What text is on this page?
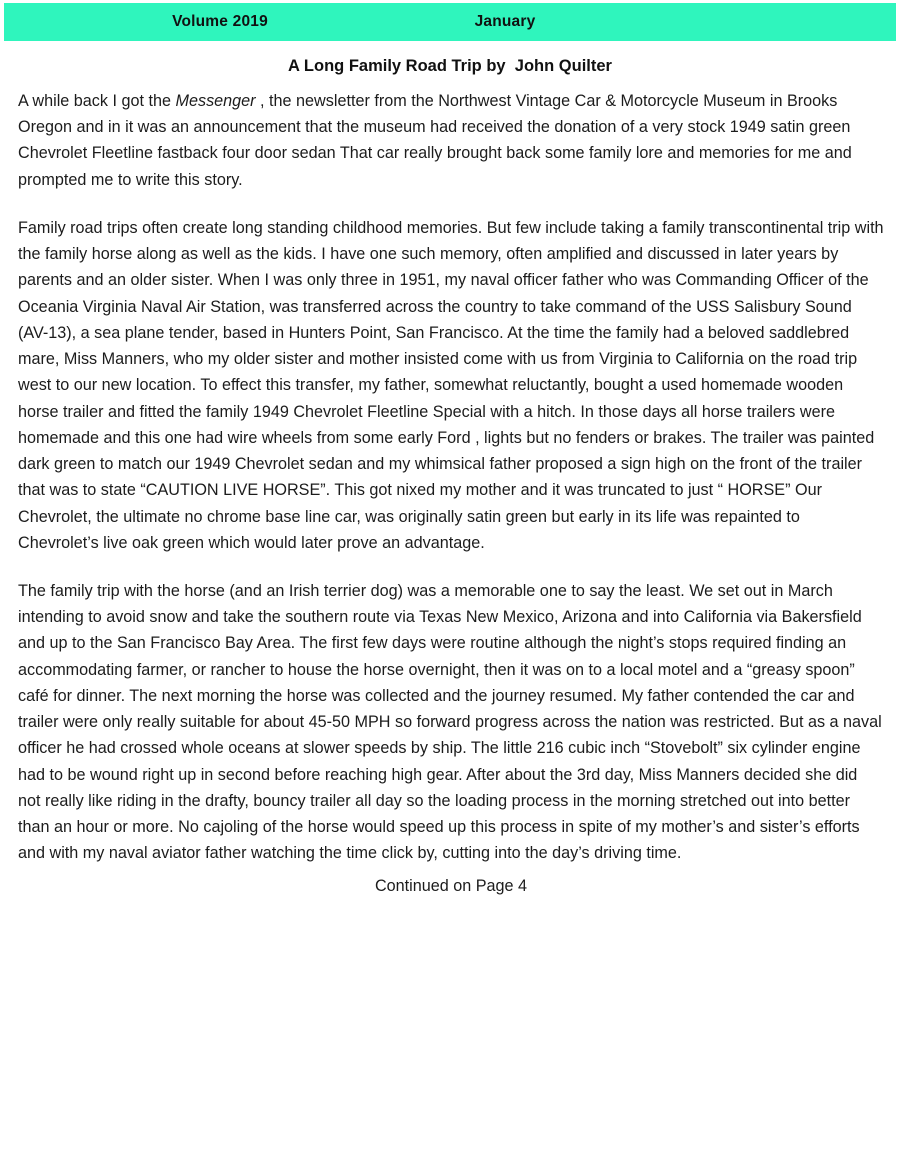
Volume 2019	January
A Long Family Road Trip by John Quilter

A while back I got the Messenger , the newsletter from the Northwest Vintage Car & Motorcycle Museum in Brooks Oregon and in it was an announcement that the museum had received the donation of a very stock 1949 satin green Chevrolet Fleetline fastback four door sedan That car really brought back some family lore and memories for me and prompted me to write this story.

Family road trips often create long standing childhood memories. But few include taking a family transcontinental trip with the family horse along as well as the kids. I have one such memory, often amplified and discussed in later years by parents and an older sister. When I was only three in 1951, my naval officer father who was Commanding Officer of the Oceania Virginia Naval Air Station, was transferred across the country to take command of the USS Salisbury Sound (AV-13), a sea plane tender, based in Hunters Point, San Francisco. At the time the family had a beloved saddlebred mare, Miss Manners, who my older sister and mother insisted come with us from Virginia to California on the road trip west to our new location. To effect this transfer, my father, somewhat reluctantly, bought a used homemade wooden horse trailer and fitted the family 1949 Chevrolet Fleetline Special with a hitch. In those days all horse trailers were homemade and this one had wire wheels from some early Ford , lights but no fenders or brakes. The trailer was painted dark green to match our 1949 Chevrolet sedan and my whimsical father proposed a sign high on the front of the trailer that was to state “CAUTION LIVE HORSE”. This got nixed my mother and it was truncated to just “ HORSE” Our Chevrolet, the ultimate no chrome base line car, was originally satin green but early in its life was repainted to Chevrolet’s live oak green which would later prove an advantage.

The family trip with the horse (and an Irish terrier dog) was a memorable one to say the least. We set out in March intending to avoid snow and take the southern route via Texas New Mexico, Arizona and into California via Bakersfield and up to the San Francisco Bay Area. The first few days were routine although the night’s stops required finding an accommodating farmer, or rancher to house the horse overnight, then it was on to a local motel and a “greasy spoon” café for dinner. The next morning the horse was collected and the journey resumed. My father contended the car and trailer were only really suitable for about 45-50 MPH so forward progress across the nation was restricted. But as a naval officer he had crossed whole oceans at slower speeds by ship. The little 216 cubic inch “Stovebolt” six cylinder engine had to be wound right up in second before reaching high gear. After about the 3rd day, Miss Manners decided she did not really like riding in the drafty, bouncy trailer all day so the loading process in the morning stretched out into better than an hour or more. No cajoling of the horse would speed up this process in spite of my mother’s and sister’s efforts and with my naval aviator father watching the time click by, cutting into the day’s driving time.

Continued on Page 4
